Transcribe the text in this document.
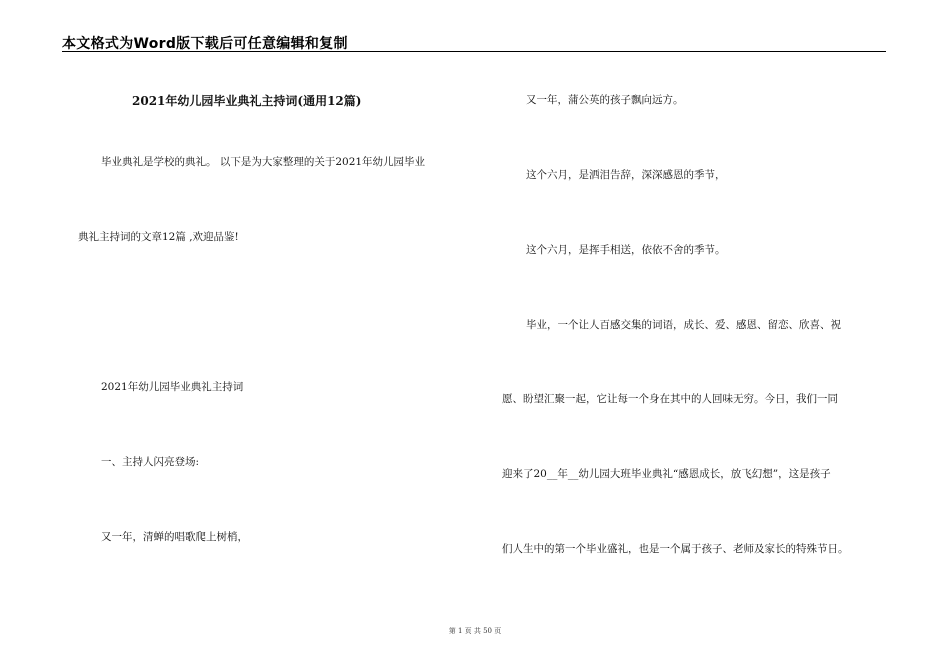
本文格式为Word版下载后可任意编辑和复制
2021年幼儿园毕业典礼主持词(通用12篇)
毕业典礼是学校的典礼。 以下是为大家整理的关于2021年幼儿园毕业
典礼主持词的文章12篇 ,欢迎品鉴!
2021年幼儿园毕业典礼主持词
一、主持人闪亮登场:
又一年，清蝉的唱歌爬上树梢，
又一年，蒲公英的孩子飘向远方。
这个六月，是洒泪告辞，深深感恩的季节，
这个六月，是挥手相送，依依不舍的季节。
毕业，一个让人百感交集的词语，成长、爱、感恩、留恋、欣喜、祝
愿、盼望汇聚一起，它让每一个身在其中的人回味无穷。今日，我们一同
迎来了20__年__幼儿园大班毕业典礼“感恩成长，放飞幻想”，这是孩子
们人生中的第一个毕业盛礼，也是一个属于孩子、老师及家长的特殊节日。
第 1 页 共 50 页
